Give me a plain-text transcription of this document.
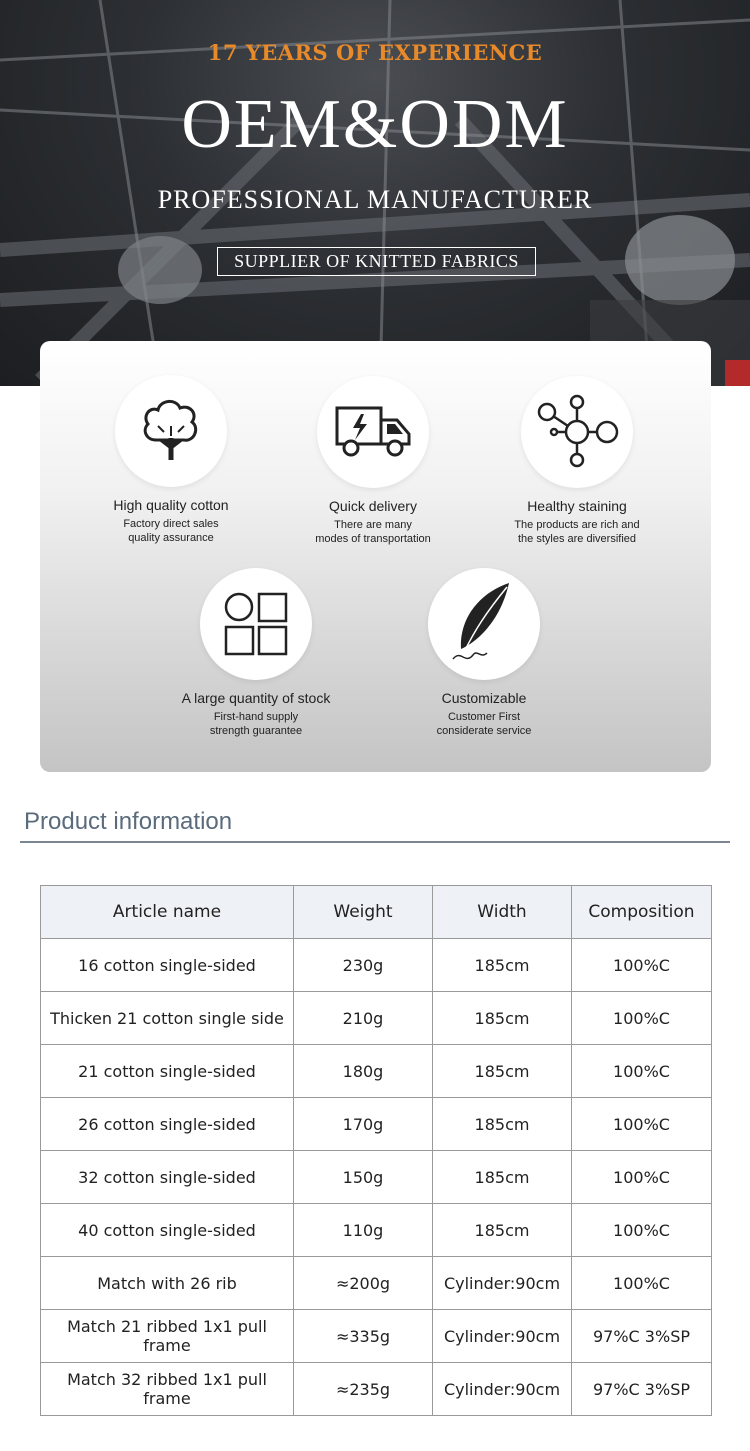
17 YEARS OF EXPERIENCE
OEM&ODM
PROFESSIONAL MANUFACTURER
SUPPLIER OF KNITTED FABRICS
High quality cotton
Factory direct sales
quality assurance
Quick delivery
There are many
modes of transportation
Healthy staining
The products are rich and
the styles are diversified
A large quantity of stock
First-hand supply
strength guarantee
Customizable
Customer First
considerate service
Product information
Article name	Weight	Width	Composition
16 cotton single-sided	230g	185cm	100%C
Thicken 21 cotton single side	210g	185cm	100%C
21 cotton single-sided	180g	185cm	100%C
26 cotton single-sided	170g	185cm	100%C
32 cotton single-sided	150g	185cm	100%C
40 cotton single-sided	110g	185cm	100%C
Match with 26 rib	≈200g	Cylinder:90cm	100%C
Match 21 ribbed 1x1 pull frame	≈335g	Cylinder:90cm	97%C 3%SP
Match 32 ribbed 1x1 pull frame	≈235g	Cylinder:90cm	97%C 3%SP
